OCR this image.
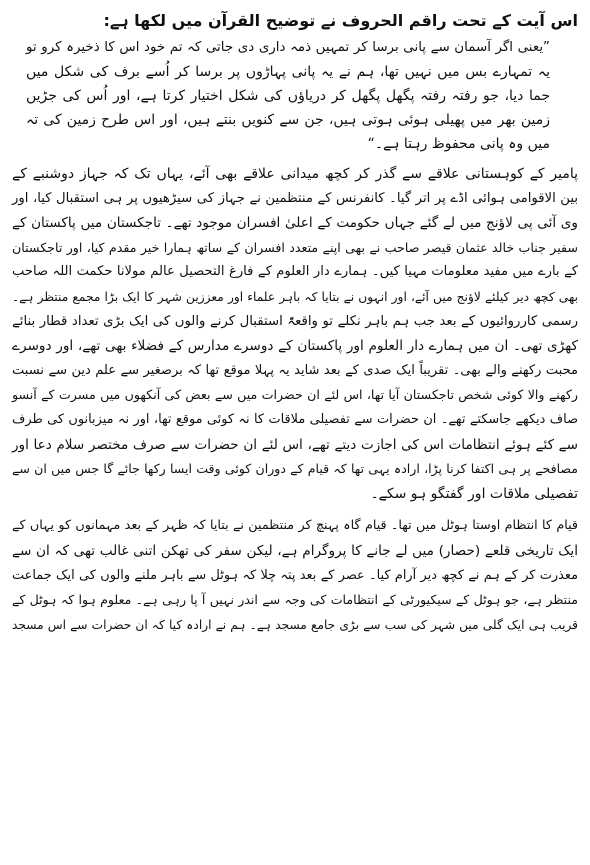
اس آیت کے تحت راقم الحروف نے توضیح القرآن میں لکھا ہے:
”یعنی اگر آسمان سے پانی برسا کر تمہیں ذمہ داری دی جاتی کہ تم خود اس کا ذخیرہ کرو تو
یہ تمہارے بس میں نہیں تھا، ہم نے یہ پانی پہاڑوں پر برسا کر اُسے برف کی شکل میں
جما دیا، جو رفتہ رفتہ پگھل پگھل کر دریاؤں کی شکل اختیار کرتا ہے، اور اُس کی جڑیں
زمین بھر میں پھیلی ہوئی ہوتی ہیں، جن سے کنویں بنتے ہیں، اور اس طرح زمین کی تہ
میں وہ پانی محفوظ رہتا ہے۔“
پامیر کے کوہستانی علاقے سے گذر کر کچھ میدانی علاقے بھی آئے، یہاں تک کہ جہاز دوشنبے کے
بین الاقوامی ہوائی اڈے پر اتر گیا۔ کانفرنس کے منتظمین نے جہاز کی سیڑھیوں پر ہی استقبال کیا، اور
وی آئی پی لاؤنج میں لے گئے جہاں حکومت کے اعلیٰ افسران موجود تھے۔ تاجکستان میں پاکستان کے
سفیر جناب خالد عثمان قیصر صاحب نے بھی اپنے متعدد افسران کے ساتھ ہمارا خیر مقدم کیا، اور تاجکستان
کے بارے میں مفید معلومات مہیا کیں۔ ہمارے دار العلوم کے فارغ التحصیل عالم مولانا حکمت اللہ صاحب
بھی کچھ دیر کیلئے لاؤنج میں آئے، اور انہوں نے بتایا کہ باہر علماء اور معززین شہر کا ایک بڑا مجمع منتظر ہے۔
رسمی کارروائیوں کے بعد جب ہم باہر نکلے تو واقعۃً استقبال کرنے والوں کی ایک بڑی تعداد قطار بنائے
کھڑی تھی۔ ان میں ہمارے دار العلوم اور پاکستان کے دوسرے مدارس کے فضلاء بھی تھے، اور دوسرے
محبت رکھنے والے بھی۔ تقریباً ایک صدی کے بعد شاید یہ پہلا موقع تھا کہ برصغیر سے علم دین سے نسبت
رکھنے والا کوئی شخص تاجکستان آیا تھا، اس لئے ان حضرات میں سے بعض کی آنکھوں میں مسرت کے آنسو
صاف دیکھے جاسکتے تھے۔ ان حضرات سے تفصیلی ملاقات کا نہ کوئی موقع تھا، اور نہ میزبانوں کی طرف
سے کئے ہوئے انتظامات اس کی اجازت دیتے تھے، اس لئے ان حضرات سے صرف مختصر سلام دعا اور
مصافحے پر ہی اکتفا کرنا پڑا، ارادہ یہی تھا کہ قیام کے دوران کوئی وقت ایسا رکھا جائے گا جس میں ان سے
تفصیلی ملاقات اور گفتگو ہو سکے۔
قیام کا انتظام اوستا ہوٹل میں تھا۔ قیام گاہ پہنچ کر منتظمین نے بتایا کہ ظہر کے بعد مہمانوں کو یہاں کے
ایک تاریخی قلعے (حصار) میں لے جانے کا پروگرام ہے، لیکن سفر کی تھکن اتنی غالب تھی کہ ان سے
معذرت کر کے ہم نے کچھ دیر آرام کیا۔ عصر کے بعد پتہ چلا کہ ہوٹل سے باہر ملنے والوں کی ایک جماعت
منتظر ہے، جو ہوٹل کے سیکیورٹی کے انتظامات کی وجہ سے اندر نہیں آ پا رہی ہے۔ معلوم ہوا کہ ہوٹل کے
قریب ہی ایک گلی میں شہر کی سب سے بڑی جامع مسجد ہے۔ ہم نے ارادہ کیا کہ ان حضرات سے اس مسجد
